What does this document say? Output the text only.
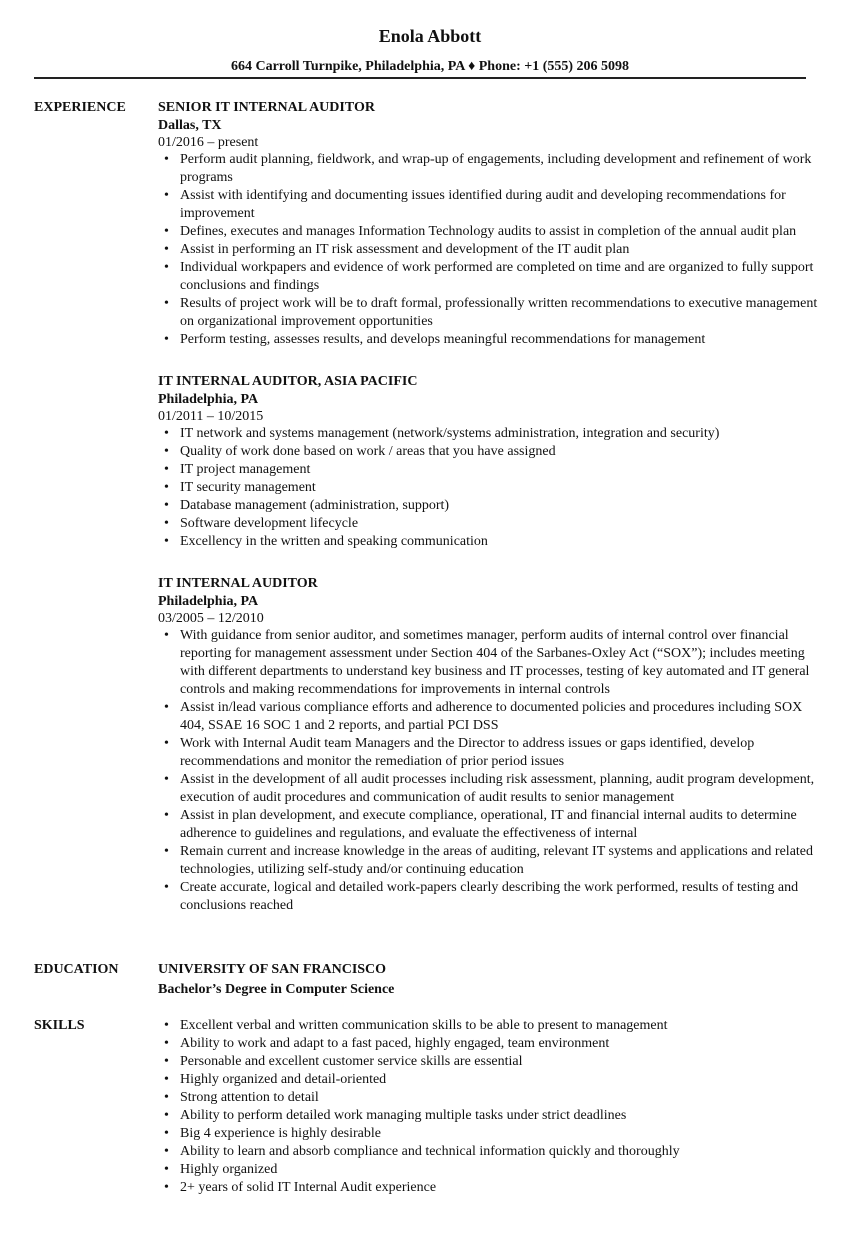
Enola Abbott
664 Carroll Turnpike, Philadelphia, PA ♦ Phone: +1 (555) 206 5098
EXPERIENCE	SENIOR IT INTERNAL AUDITOR
Dallas, TX
01/2016 – present
• Perform audit planning, fieldwork, and wrap-up of engagements, including development and refinement of work programs
• Assist with identifying and documenting issues identified during audit and developing recommendations for improvement
• Defines, executes and manages Information Technology audits to assist in completion of the annual audit plan
• Assist in performing an IT risk assessment and development of the IT audit plan
• Individual workpapers and evidence of work performed are completed on time and are organized to fully support conclusions and findings
• Results of project work will be to draft formal, professionally written recommendations to executive management on organizational improvement opportunities
• Perform testing, assesses results, and develops meaningful recommendations for management
IT INTERNAL AUDITOR, ASIA PACIFIC
Philadelphia, PA
01/2011 – 10/2015
• IT network and systems management (network/systems administration, integration and security)
• Quality of work done based on work / areas that you have assigned
• IT project management
• IT security management
• Database management (administration, support)
• Software development lifecycle
• Excellency in the written and speaking communication
IT INTERNAL AUDITOR
Philadelphia, PA
03/2005 – 12/2010
• With guidance from senior auditor, and sometimes manager, perform audits of internal control over financial reporting for management assessment under Section 404 of the Sarbanes-Oxley Act (“SOX”); includes meeting with different departments to understand key business and IT processes, testing of key automated and IT general controls and making recommendations for improvements in internal controls
• Assist in/lead various compliance efforts and adherence to documented policies and procedures including SOX 404, SSAE 16 SOC 1 and 2 reports, and partial PCI DSS
• Work with Internal Audit team Managers and the Director to address issues or gaps identified, develop recommendations and monitor the remediation of prior period issues
• Assist in the development of all audit processes including risk assessment, planning, audit program development, execution of audit procedures and communication of audit results to senior management
• Assist in plan development, and execute compliance, operational, IT and financial internal audits to determine adherence to guidelines and regulations, and evaluate the effectiveness of internal
• Remain current and increase knowledge in the areas of auditing, relevant IT systems and applications and related technologies, utilizing self-study and/or continuing education
• Create accurate, logical and detailed work-papers clearly describing the work performed, results of testing and conclusions reached
EDUCATION	UNIVERSITY OF SAN FRANCISCO
Bachelor’s Degree in Computer Science
SKILLS	• Excellent verbal and written communication skills to be able to present to management
• Ability to work and adapt to a fast paced, highly engaged, team environment
• Personable and excellent customer service skills are essential
• Highly organized and detail-oriented
• Strong attention to detail
• Ability to perform detailed work managing multiple tasks under strict deadlines
• Big 4 experience is highly desirable
• Ability to learn and absorb compliance and technical information quickly and thoroughly
• Highly organized
• 2+ years of solid IT Internal Audit experience
